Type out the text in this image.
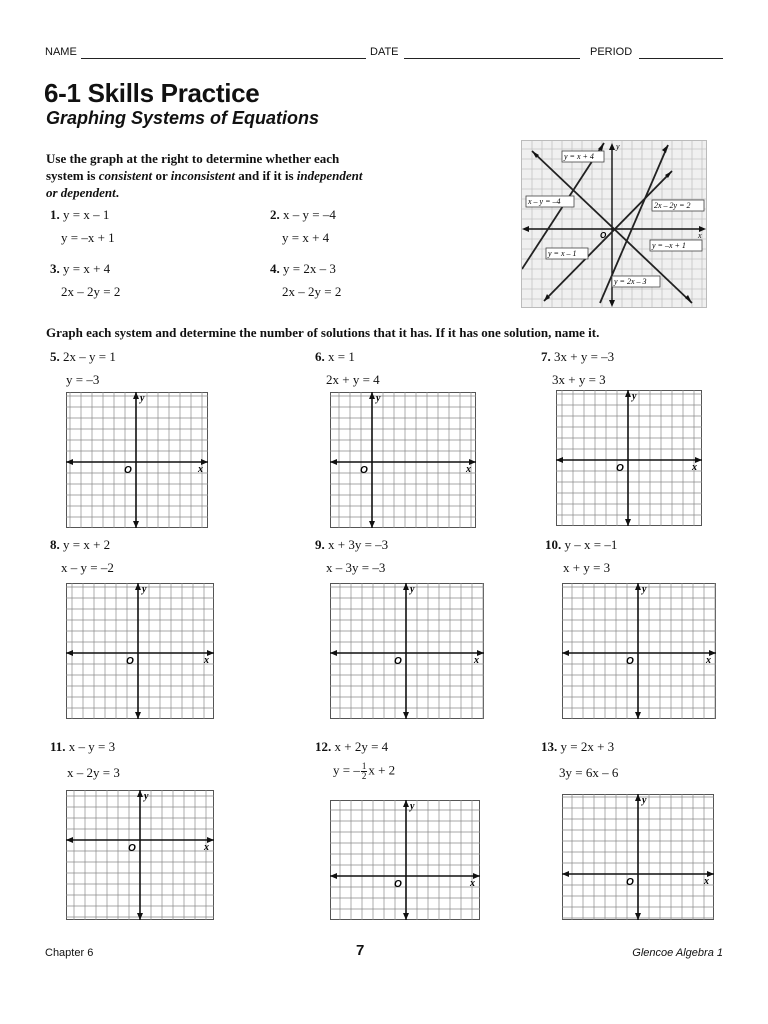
NAME	DATE	PERIOD
6-1 Skills Practice
Graphing Systems of Equations
Use the graph at the right to determine whether each system is consistent or inconsistent and if it is independent or dependent.
1. y = x – 1
y = –x + 1
2. x – y = –4
y = x + 4
3. y = x + 4
2x – 2y = 2
4. y = 2x – 3
2x – 2y = 2
y
x
O
y = x + 4
x – y = –4	2x – 2y = 2
y = –x + 1
y = x – 1
y = 2x – 3
Graph each system and determine the number of solutions that it has. If it has one solution, name it.
5. 2x – y = 1
y = –3
6. x = 1
2x + y = 4
7. 3x + y = –3
3x + y = 3
8. y = x + 2
x – y = –2
9. x + 3y = –3
x – 3y = –3
10. y – x = –1
x + y = 3
11. x – y = 3
x – 2y = 3
12. x + 2y = 4
y = – $\frac{1}{2}$ x + 2
13. y = 2x + 3
3y = 6x – 6
y
x
O
y
x
O
y
x
O
y
x
O
y
x
O
y
x
O
y
x
O
y
x
O
y
x
O
Chapter 6	7	Glencoe Algebra 1
